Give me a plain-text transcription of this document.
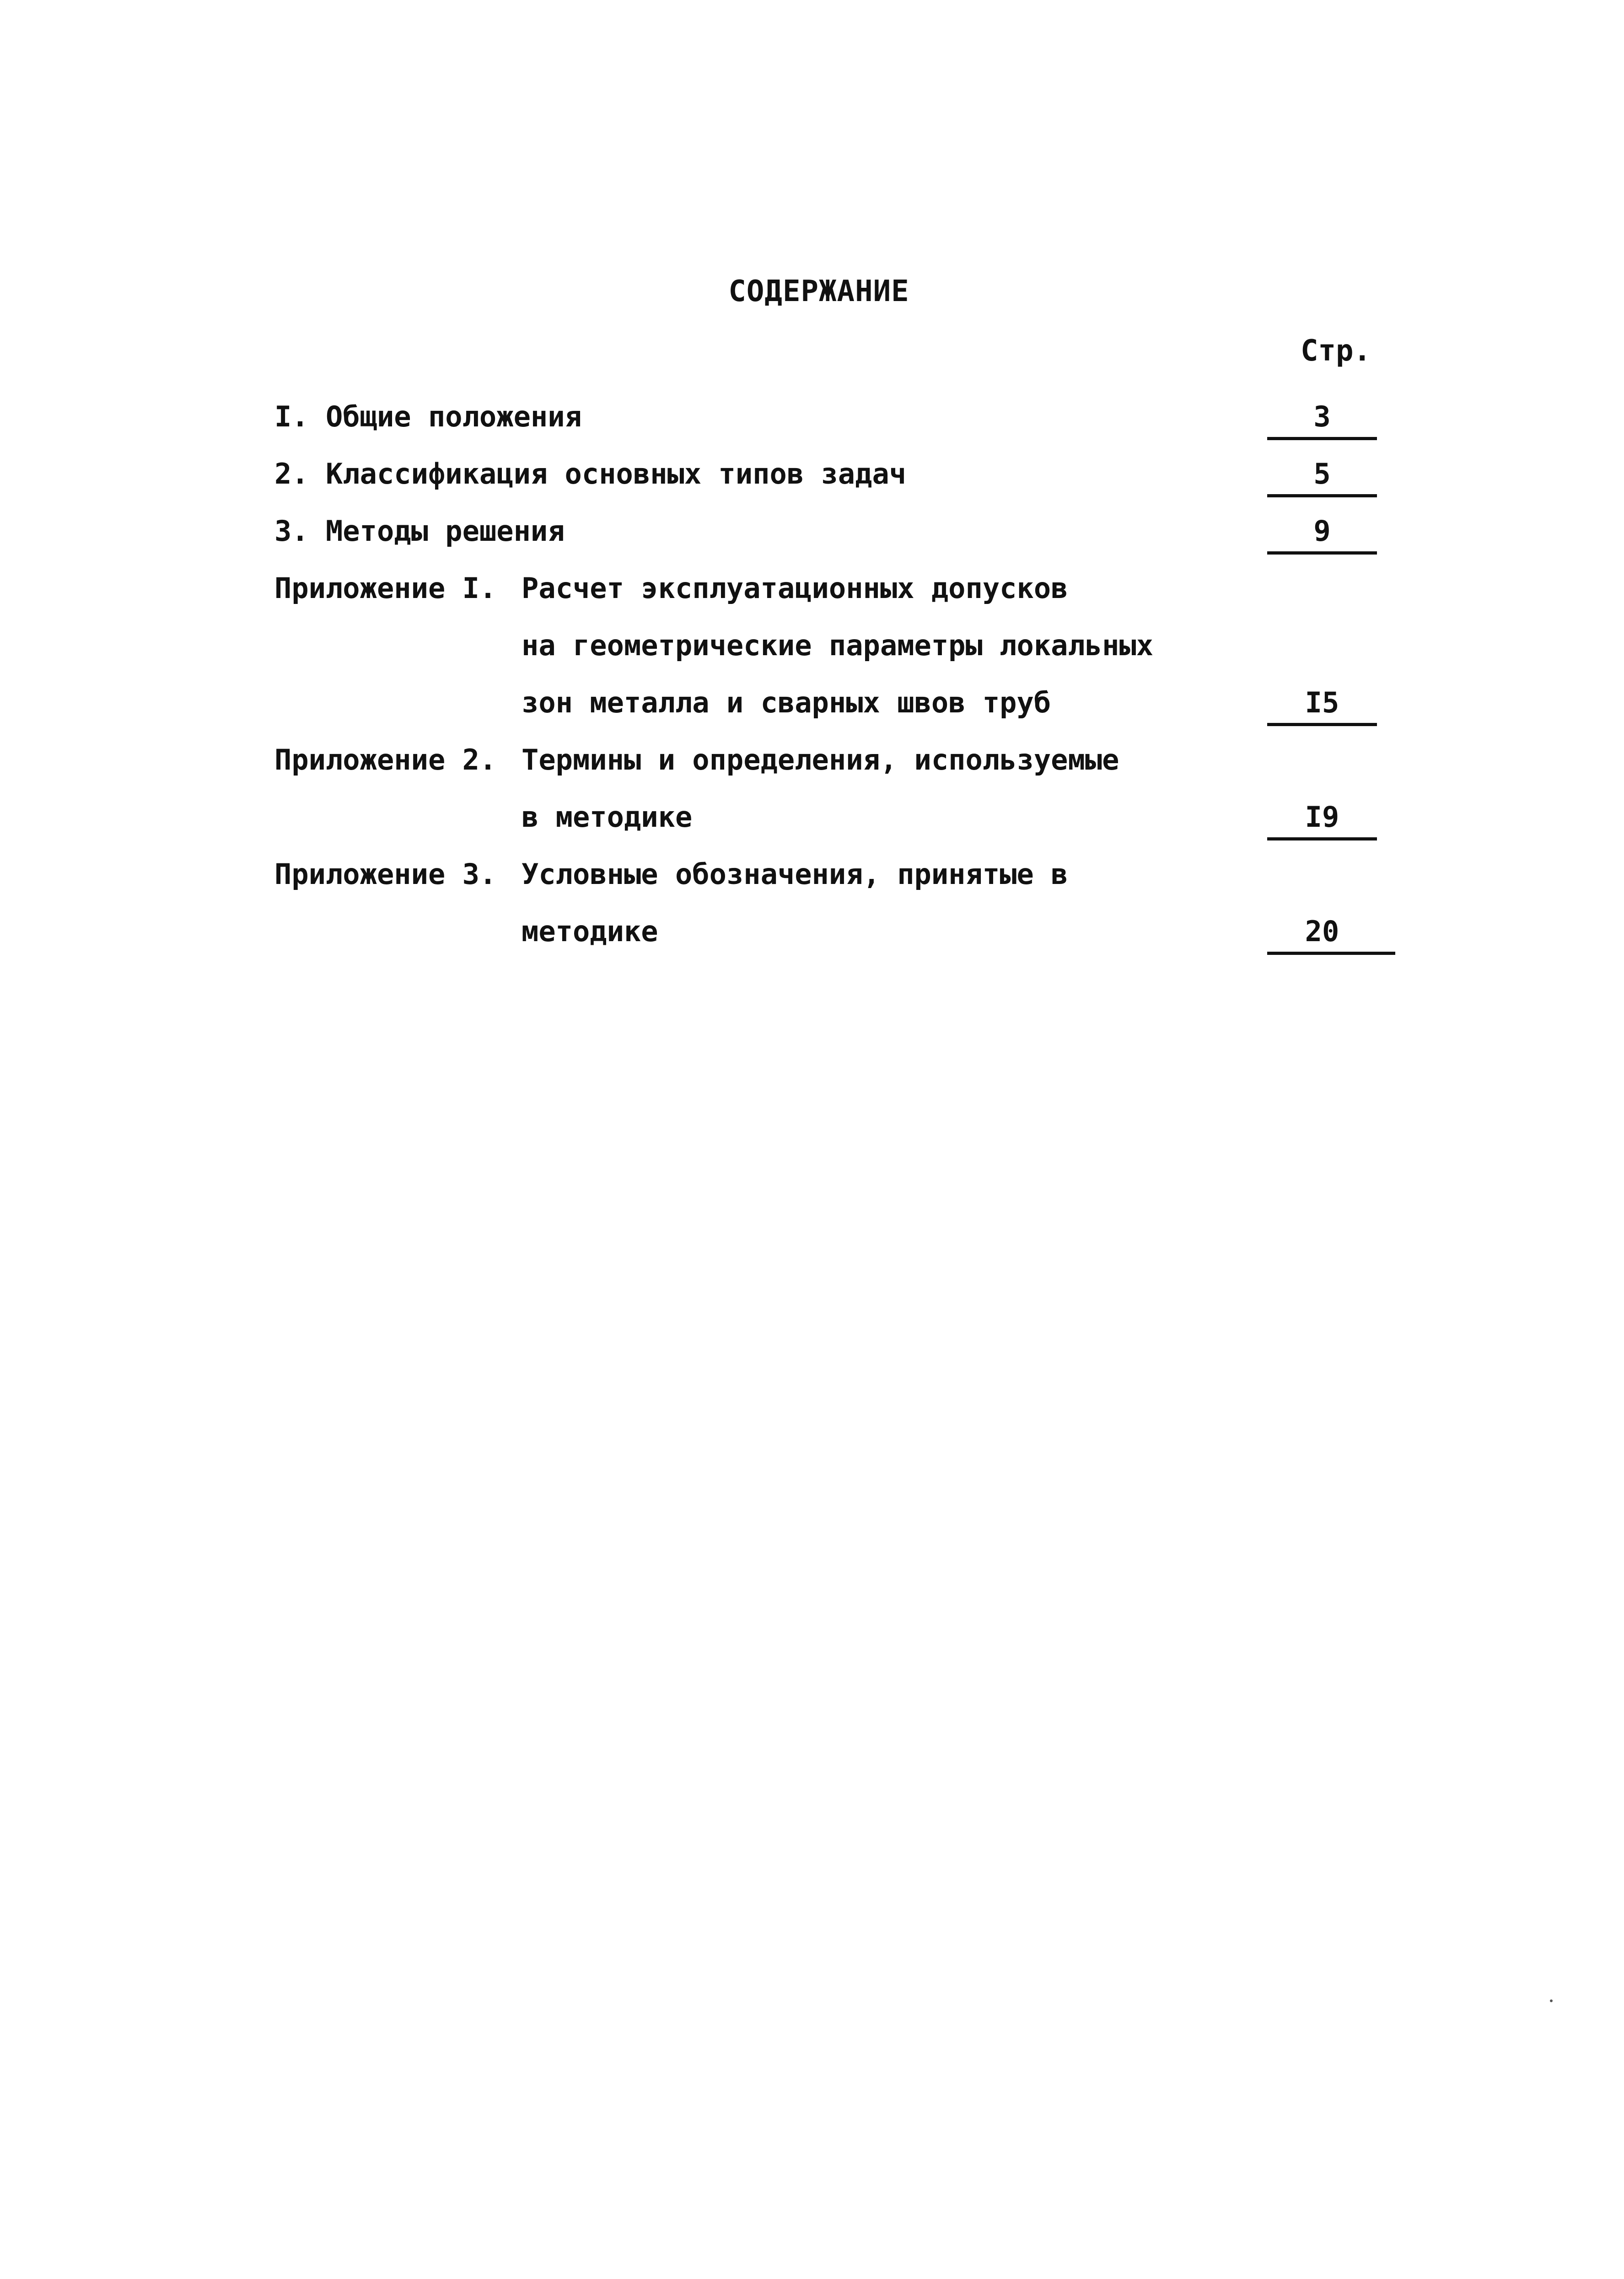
СОДЕРЖАНИЕ
Стр.
I. Общие положения	3
2. Классификация основных типов задач	5
3. Методы решения	9
Приложение I. Расчет эксплуатационных допусков
на геометрические параметры локальных
зон металла и сварных швов труб	I5
Приложение 2. Термины и определения, используемые
в методике	I9
Приложение 3. Условные обозначения, принятые в
методике	20
